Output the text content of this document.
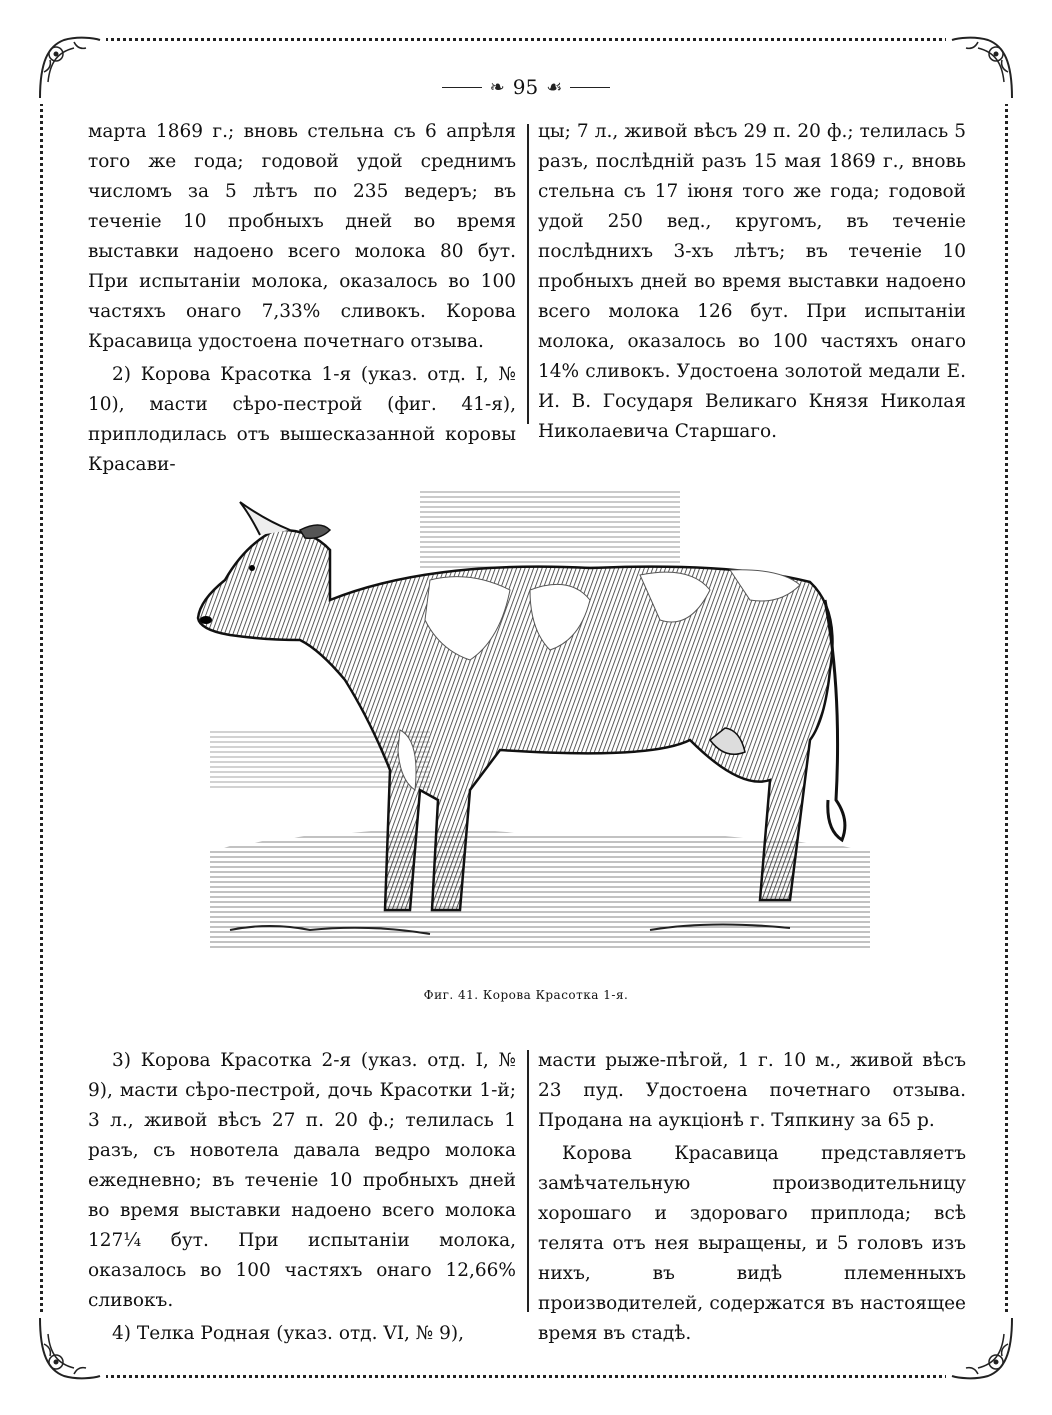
❧ 95 ☙

марта 1869 г.; вновь стельна съ 6 апрѣля того же года; годовой удой среднимъ числомъ за 5 лѣтъ по 235 ведеръ; въ теченіе 10 пробныхъ дней во время выставки надоено всего молока 80 бут. При испытаніи молока, оказалось во 100 частяхъ онаго 7,33% сливокъ. Корова Красавица удостоена почетнаго отзыва.

2) Корова Красотка 1-я (указ. отд. I, № 10), масти сѣро-пестрой (фиг. 41-я), приплодилась отъ вышесказанной коровы Красави-

цы; 7 л., живой вѣсъ 29 п. 20 ф.; телилась 5 разъ, послѣдній разъ 15 мая 1869 г., вновь стельна съ 17 іюня того же года; годовой удой 250 вед., кругомъ, въ теченіе послѣднихъ 3-хъ лѣтъ; въ теченіе 10 пробныхъ дней во время выставки надоено всего молока 126 бут. При испытаніи молока, оказалось во 100 частяхъ онаго 14% сливокъ. Удостоена золотой медали Е. И. В. Государя Великаго Князя Николая Николаевича Старшаго.

Фиг. 41. Корова Красотка 1-я.

3) Корова Красотка 2-я (указ. отд. I, № 9), масти сѣро-пестрой, дочь Красотки 1-й; 3 л., живой вѣсъ 27 п. 20 ф.; телилась 1 разъ, съ новотела давала ведро молока ежедневно; въ теченіе 10 пробныхъ дней во время выставки надоено всего молока 127¼ бут. При испытаніи молока, оказалось во 100 частяхъ онаго 12,66% сливокъ.

4) Телка Родная (указ. отд. VI, № 9),

масти рыже-пѣгой, 1 г. 10 м., живой вѣсъ 23 пуд. Удостоена почетнаго отзыва. Продана на аукціонѣ г. Тяпкину за 65 р.

Корова Красавица представляетъ замѣчательную производительницу хорошаго и здороваго приплода; всѣ телята отъ нея выращены, и 5 головъ изъ нихъ, въ видѣ племенныхъ производителей, содержатся въ настоящее время въ стадѣ.
